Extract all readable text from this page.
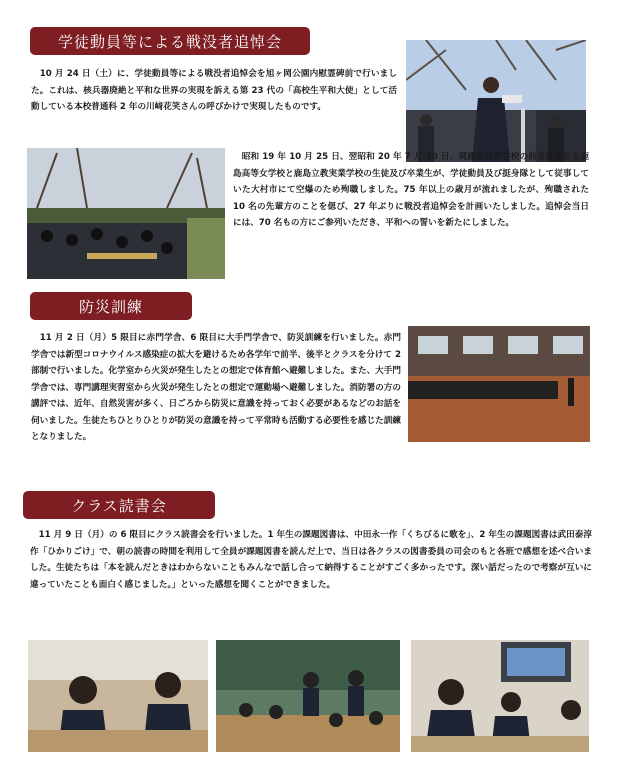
学徒動員等による戦没者追悼会

　10 月 24 日（土）に、学徒動員等による戦没者追悼会を旭ヶ岡公園内慰霊碑前で行いました。これは、核兵器廃絶と平和な世界の実現を訴える第 23 代の「高校生平和大使」として活動している本校普通科 2 年の川﨑花笑さんの呼びかけで実現したものです。

　昭和 19 年 10 月 25 日、翌昭和 20 年 7 月 30 日、現鹿島高等学校の前身にあたる鹿島高等女学校と鹿島立教実業学校の生徒及び卒業生が、学徒動員及び挺身隊として従事していた大村市にて空爆のため殉職しました。75 年以上の歳月が流れましたが、殉職された 10 名の先輩方のことを偲び、27 年ぶりに戦没者追悼会を計画いたしました。追悼会当日には、70 名もの方にご参列いただき、平和への誓いを新たにしました。

防災訓練

　11 月 2 日（月）5 限目に赤門学舎、6 限目に大手門学舎で、防災訓練を行いました。赤門学舎では新型コロナウイルス感染症の拡大を避けるため各学年で前半、後半とクラスを分けて 2 部制で行いました。化学室から火災が発生したとの想定で体育館へ避難しました。また、大手門学舎では、専門講理実習室から火災が発生したとの想定で運動場へ避難しました。消防署の方の講評では、近年、自然災害が多く、日ごろから防災に意識を持っておく必要があるなどのお話を伺いました。生徒たちひとりひとりが防災の意識を持って平常時も活動する必要性を感じた訓練となりました。

クラス読書会

　11 月 9 日（月）の 6 限目にクラス読書会を行いました。1 年生の課題図書は、中田永一作「くちびるに歌を」、2 年生の課題図書は武田泰淳作「ひかりごけ」で、朝の読書の時間を利用して全員が課題図書を読んだ上で、当日は各クラスの図書委員の司会のもと各班で感想を述べ合いました。生徒たちは「本を読んだときはわからないこともみんなで話し合って納得することがすごく多かったです。深い話だったので考察が互いに違っていたことも面白く感じました。」といった感想を聞くことができました。
